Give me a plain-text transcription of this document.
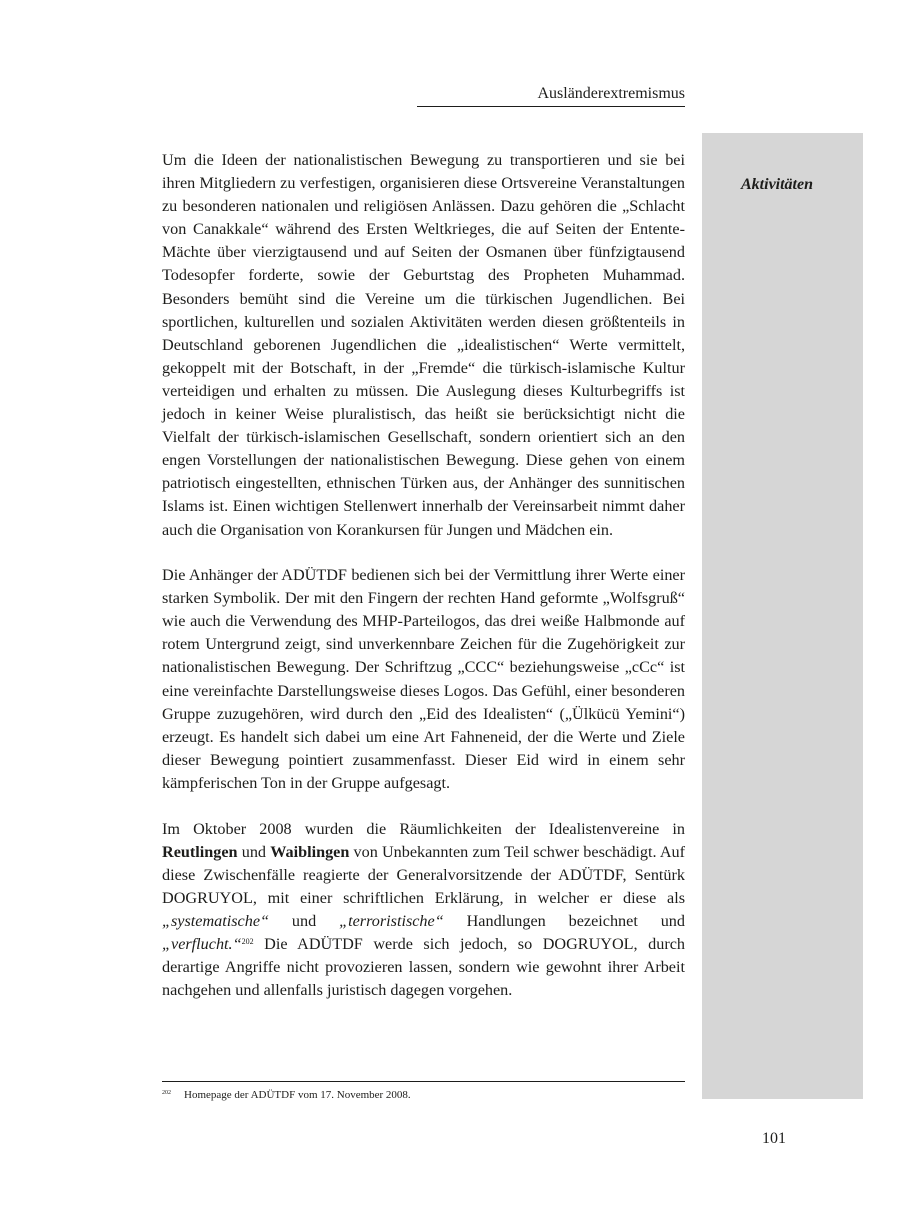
Ausländerextremismus
Aktivitäten

Um die Ideen der nationalistischen Bewegung zu transportieren und sie bei ihren Mitgliedern zu verfestigen, organisieren diese Ortsvereine Veranstaltungen zu besonderen nationalen und religiösen Anlässen. Dazu gehören die „Schlacht von Canakkale“ während des Ersten Weltkrieges, die auf Seiten der Entente-Mächte über vierzigtausend und auf Seiten der Osmanen über fünfzigtausend Todesopfer forderte, sowie der Geburtstag des Propheten Muhammad. Besonders bemüht sind die Vereine um die türkischen Jugendlichen. Bei sportlichen, kulturellen und sozialen Aktivitäten werden diesen größtenteils in Deutschland geborenen Jugendlichen die „idealistischen“ Werte vermittelt, gekoppelt mit der Botschaft, in der „Fremde“ die türkisch-islamische Kultur verteidigen und erhalten zu müssen. Die Auslegung dieses Kulturbegriffs ist jedoch in keiner Weise pluralistisch, das heißt sie berücksichtigt nicht die Vielfalt der türkisch-islamischen Gesellschaft, sondern orientiert sich an den engen Vorstellungen der nationalistischen Bewegung. Diese gehen von einem patriotisch eingestellten, ethnischen Türken aus, der Anhänger des sunnitischen Islams ist. Einen wichtigen Stellenwert innerhalb der Vereinsarbeit nimmt daher auch die Organisation von Korankursen für Jungen und Mädchen ein.

Die Anhänger der ADÜTDF bedienen sich bei der Vermittlung ihrer Werte einer starken Symbolik. Der mit den Fingern der rechten Hand geformte „Wolfsgruß“ wie auch die Verwendung des MHP-Parteilogos, das drei weiße Halbmonde auf rotem Untergrund zeigt, sind unverkennbare Zeichen für die Zugehörigkeit zur nationalistischen Bewegung. Der Schriftzug „CCC“ beziehungsweise „cCc“ ist eine vereinfachte Darstellungsweise dieses Logos. Das Gefühl, einer besonderen Gruppe zuzugehören, wird durch den „Eid des Idealisten“ („Ülkücü Yemini“) erzeugt. Es handelt sich dabei um eine Art Fahneneid, der die Werte und Ziele dieser Bewegung pointiert zusammenfasst. Dieser Eid wird in einem sehr kämpferischen Ton in der Gruppe aufgesagt.

Im Oktober 2008 wurden die Räumlichkeiten der Idealistenvereine in Reutlingen und Waiblingen von Unbekannten zum Teil schwer beschädigt. Auf diese Zwischenfälle reagierte der Generalvorsitzende der ADÜTDF, Sentürk DOGRUYOL, mit einer schriftlichen Erklärung, in welcher er diese als „systematische“ und „terroristische“ Handlungen bezeichnet und „verflucht.“$^{202}$ Die ADÜTDF werde sich jedoch, so DOGRUYOL, durch derartige Angriffe nicht provozieren lassen, sondern wie gewohnt ihrer Arbeit nachgehen und allenfalls juristisch dagegen vorgehen.

202 Homepage der ADÜTDF vom 17. November 2008.
101
